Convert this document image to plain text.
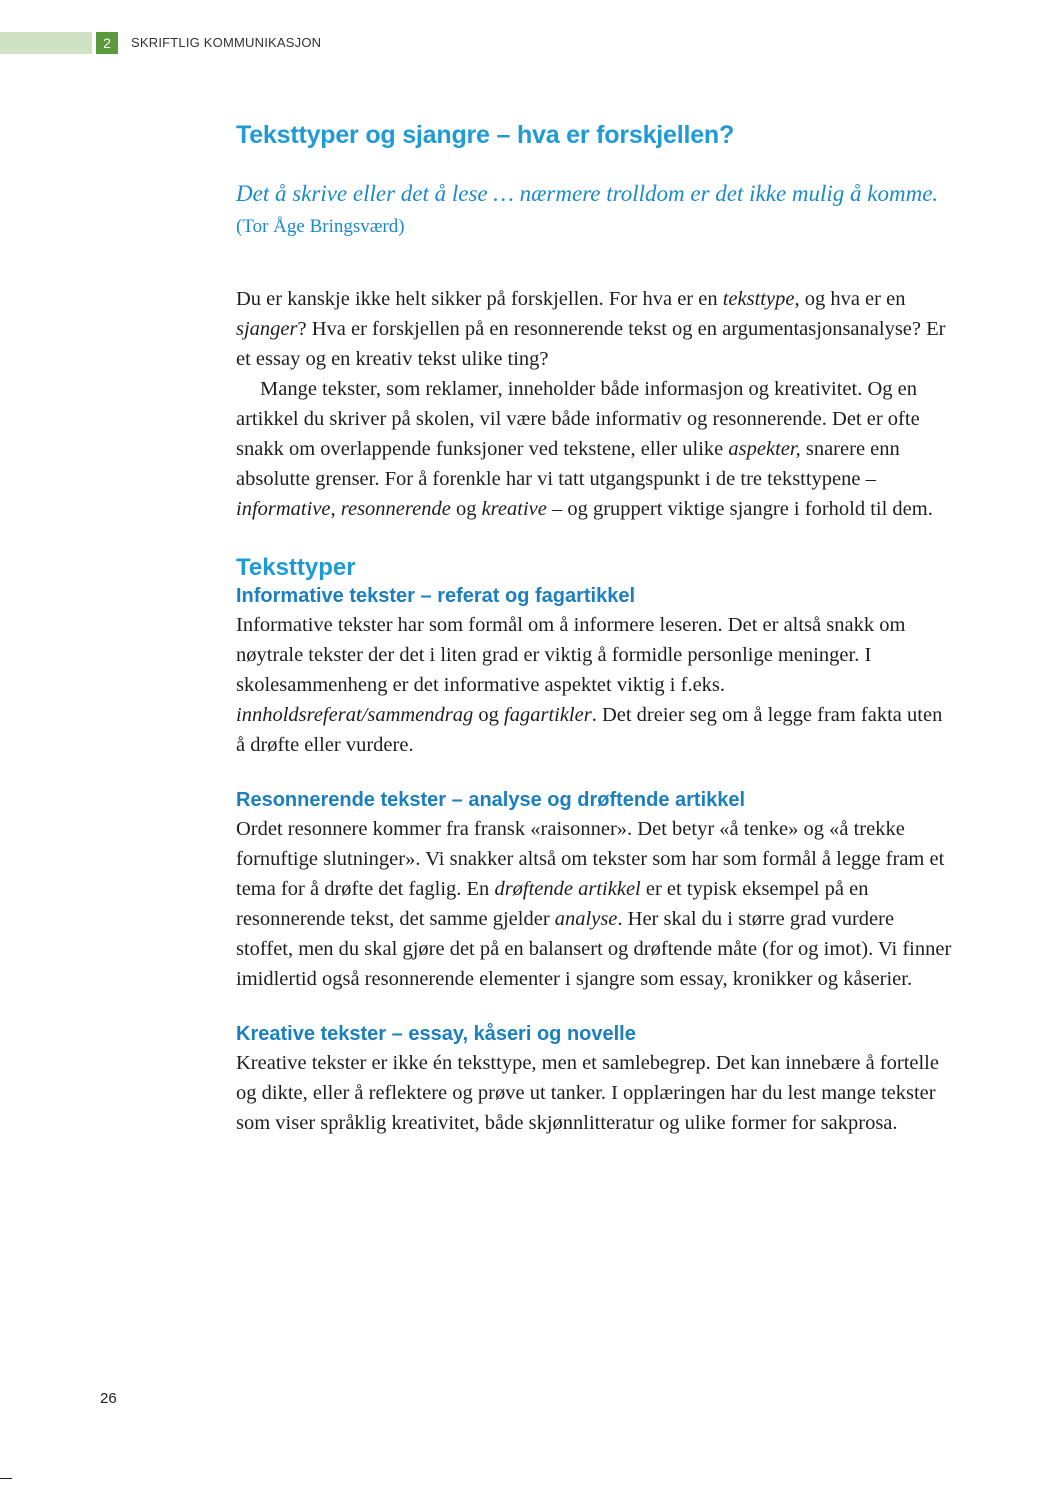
2	SKRIFTLIG KOMMUNIKASJON
Teksttyper og sjangre – hva er forskjellen?
Det å skrive eller det å lese … nærmere trolldom er det ikke mulig å komme. (Tor Åge Bringsværd)

Du er kanskje ikke helt sikker på forskjellen. For hva er en teksttype, og hva er en sjanger? Hva er forskjellen på en resonnerende tekst og en argumentasjonsanalyse? Er et essay og en kreativ tekst ulike ting?

Mange tekster, som reklamer, inneholder både informasjon og kreativitet. Og en artikkel du skriver på skolen, vil være både informativ og resonnerende. Det er ofte snakk om overlappende funksjoner ved tekstene, eller ulike aspekter, snarere enn absolutte grenser. For å forenkle har vi tatt utgangspunkt i de tre teksttypene – informative, resonnerende og kreative – og gruppert viktige sjangre i forhold til dem.

Teksttyper
Informative tekster – referat og fagartikkel

Informative tekster har som formål om å informere leseren. Det er altså snakk om nøytrale tekster der det i liten grad er viktig å formidle personlige meninger. I skolesammenheng er det informative aspektet viktig i f.eks. innholdsreferat/sammendrag og fagartikler. Det dreier seg om å legge fram fakta uten å drøfte eller vurdere.

Resonnerende tekster – analyse og drøftende artikkel

Ordet resonnere kommer fra fransk «raisonner». Det betyr «å tenke» og «å trekke fornuftige slutninger». Vi snakker altså om tekster som har som formål å legge fram et tema for å drøfte det faglig. En drøftende artikkel er et typisk eksempel på en resonnerende tekst, det samme gjelder analyse. Her skal du i større grad vurdere stoffet, men du skal gjøre det på en balansert og drøftende måte (for og imot). Vi finner imidlertid også resonnerende elementer i sjangre som essay, kronikker og kåserier.

Kreative tekster – essay, kåseri og novelle

Kreative tekster er ikke én teksttype, men et samlebegrep. Det kan innebære å fortelle og dikte, eller å reflektere og prøve ut tanker. I opplæringen har du lest mange tekster som viser språklig kreativitet, både skjønnlitteratur og ulike former for sakprosa.

26
